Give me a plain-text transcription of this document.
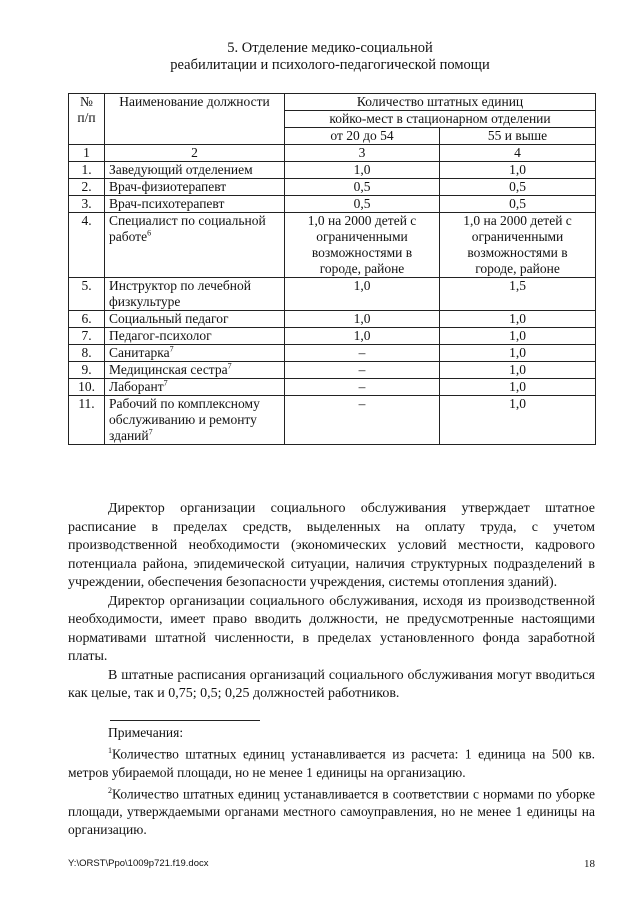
5. Отделение медико-социальной
реабилитации и психолого-педагогической помощи
№ п/п	Наименование должности	Количество штатных единиц	
		койко-мест в стационарном отделении	
		от 20 до 54	55 и выше
1	2	3	4
1.	Заведующий отделением	1,0	1,0
2.	Врач-физиотерапевт	0,5	0,5
3.	Врач-психотерапевт	0,5	0,5
4.	Специалист по социальной работе$^6$	1,0 на 2000 детей с ограниченными возможностями в городе, районе	1,0 на 2000 детей с ограниченными возможностями в городе, районе
5.	Инструктор по лечебной физкультуре	1,0	1,5
6.	Социальный педагог	1,0	1,0
7.	Педагог-психолог	1,0	1,0
8.	Санитарка$^7$	–	1,0
9.	Медицинская сестра$^7$	–	1,0
10.	Лаборант$^7$	–	1,0
11.	Рабочий по комплексному обслуживанию и ремонту зданий$^7$	–	1,0

Директор организации социального обслуживания утверждает штатное расписание в пределах средств, выделенных на оплату труда, с учетом производственной необходимости (экономических условий местности, кадрового потенциала района, эпидемической ситуации, наличия структурных подразделений в учреждении, обеспечения безопасности учреждения, системы отопления зданий).

Директор организации социального обслуживания, исходя из производственной необходимости, имеет право вводить должности, не предусмотренные настоящими нормативами штатной численности, в пределах установленного фонда заработной платы.

В штатные расписания организаций социального обслуживания могут вводиться как целые, так и 0,75; 0,5; 0,25 должностей работников.

Примечания:

$^1$Количество штатных единиц устанавливается из расчета: 1 единица на 500 кв. метров убираемой площади, но не менее 1 единицы на организацию.

$^2$Количество штатных единиц устанавливается в соответствии с нормами по уборке площади, утверждаемыми органами местного самоуправления, но не менее 1 единицы на организацию.

Y:\ORST\Ppo\1009p721.f19.docx	18
